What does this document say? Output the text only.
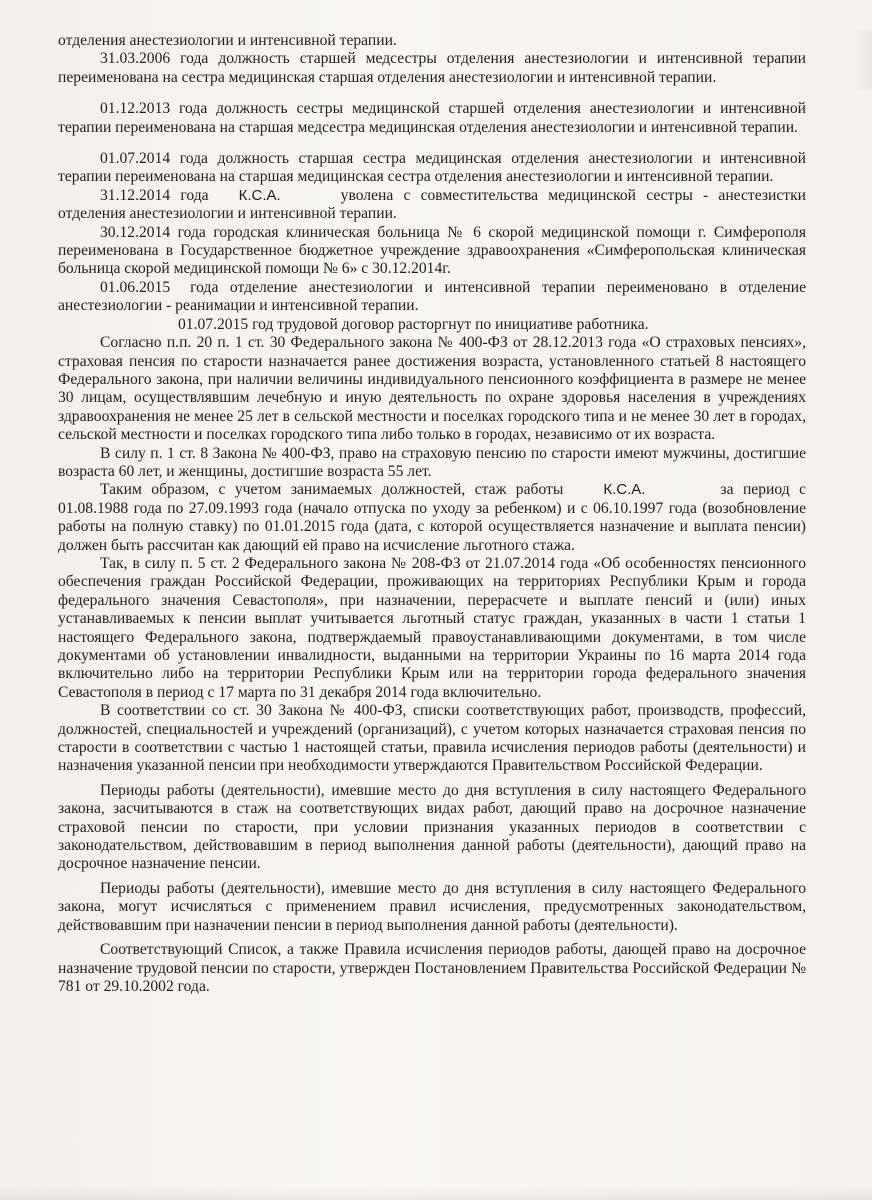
отделения анестезиологии и интенсивной терапии.

31.03.2006 года должность старшей медсестры отделения анестезиологии и интенсивной терапии переименована на сестра медицинская старшая отделения анестезиологии и интенсивной терапии.

01.12.2013 года должность сестры медицинской старшей отделения анестезиологии и интенсивной терапии переименована на старшая медсестра медицинская отделения анестезиологии и интенсивной терапии.

01.07.2014 года должность старшая сестра медицинская отделения анестезиологии и интенсивной терапии переименована на старшая медицинская сестра отделения анестезиологии и интенсивной терапии.

31.12.2014 года К.С.А.	уволена с совместительства медицинской сестры - анестезистки отделения анестезиологии и интенсивной терапии.

30.12.2014 года городская клиническая больница № 6 скорой медицинской помощи г. Симферополя переименована в Государственное бюджетное учреждение здравоохранения «Симферопольская клиническая больница скорой медицинской помощи № 6» с 30.12.2014г.

01.06.2015 года отделение анестезиологии и интенсивной терапии переименовано в отделение анестезиологии - реанимации и интенсивной терапии.

01.07.2015 год трудовой договор расторгнут по инициативе работника.

Согласно п.п. 20 п. 1 ст. 30 Федерального закона № 400-ФЗ от 28.12.2013 года «О страховых пенсиях», страховая пенсия по старости назначается ранее достижения возраста, установленного статьей 8 настоящего Федерального закона, при наличии величины индивидуального пенсионного коэффициента в размере не менее 30 лицам, осуществлявшим лечебную и иную деятельность по охране здоровья населения в учреждениях здравоохранения не менее 25 лет в сельской местности и поселках городского типа и не менее 30 лет в городах, сельской местности и поселках городского типа либо только в городах, независимо от их возраста.

В силу п. 1 ст. 8 Закона № 400-ФЗ, право на страховую пенсию по старости имеют мужчины, достигшие возраста 60 лет, и женщины, достигшие возраста 55 лет.

Таким образом, с учетом занимаемых должностей, стаж работы	К.С.А.	за период с 01.08.1988 года по 27.09.1993 года (начало отпуска по уходу за ребенком) и с 06.10.1997 года (возобновление работы на полную ставку) по 01.01.2015 года (дата, с которой осуществляется назначение и выплата пенсии) должен быть рассчитан как дающий ей право на исчисление льготного стажа.

Так, в силу п. 5 ст. 2 Федерального закона № 208-ФЗ от 21.07.2014 года «Об особенностях пенсионного обеспечения граждан Российской Федерации, проживающих на территориях Республики Крым и города федерального значения Севастополя», при назначении, перерасчете и выплате пенсий и (или) иных устанавливаемых к пенсии выплат учитывается льготный статус граждан, указанных в части 1 статьи 1 настоящего Федерального закона, подтверждаемый правоустанавливающими документами, в том числе документами об установлении инвалидности, выданными на территории Украины по 16 марта 2014 года включительно либо на территории Республики Крым или на территории города федерального значения Севастополя в период с 17 марта по 31 декабря 2014 года включительно.

В соответствии со ст. 30 Закона № 400-ФЗ, списки соответствующих работ, производств, профессий, должностей, специальностей и учреждений (организаций), с учетом которых назначается страховая пенсия по старости в соответствии с частью 1 настоящей статьи, правила исчисления периодов работы (деятельности) и назначения указанной пенсии при необходимости утверждаются Правительством Российской Федерации.

Периоды работы (деятельности), имевшие место до дня вступления в силу настоящего Федерального закона, засчитываются в стаж на соответствующих видах работ, дающий право на досрочное назначение страховой пенсии по старости, при условии признания указанных периодов в соответствии с законодательством, действовавшим в период выполнения данной работы (деятельности), дающий право на досрочное назначение пенсии.

Периоды работы (деятельности), имевшие место до дня вступления в силу настоящего Федерального закона, могут исчисляться с применением правил исчисления, предусмотренных законодательством, действовавшим при назначении пенсии в период выполнения данной работы (деятельности).

Соответствующий Список, а также Правила исчисления периодов работы, дающей право на досрочное назначение трудовой пенсии по старости, утвержден Постановлением Правительства Российской Федерации № 781 от 29.10.2002 года.
